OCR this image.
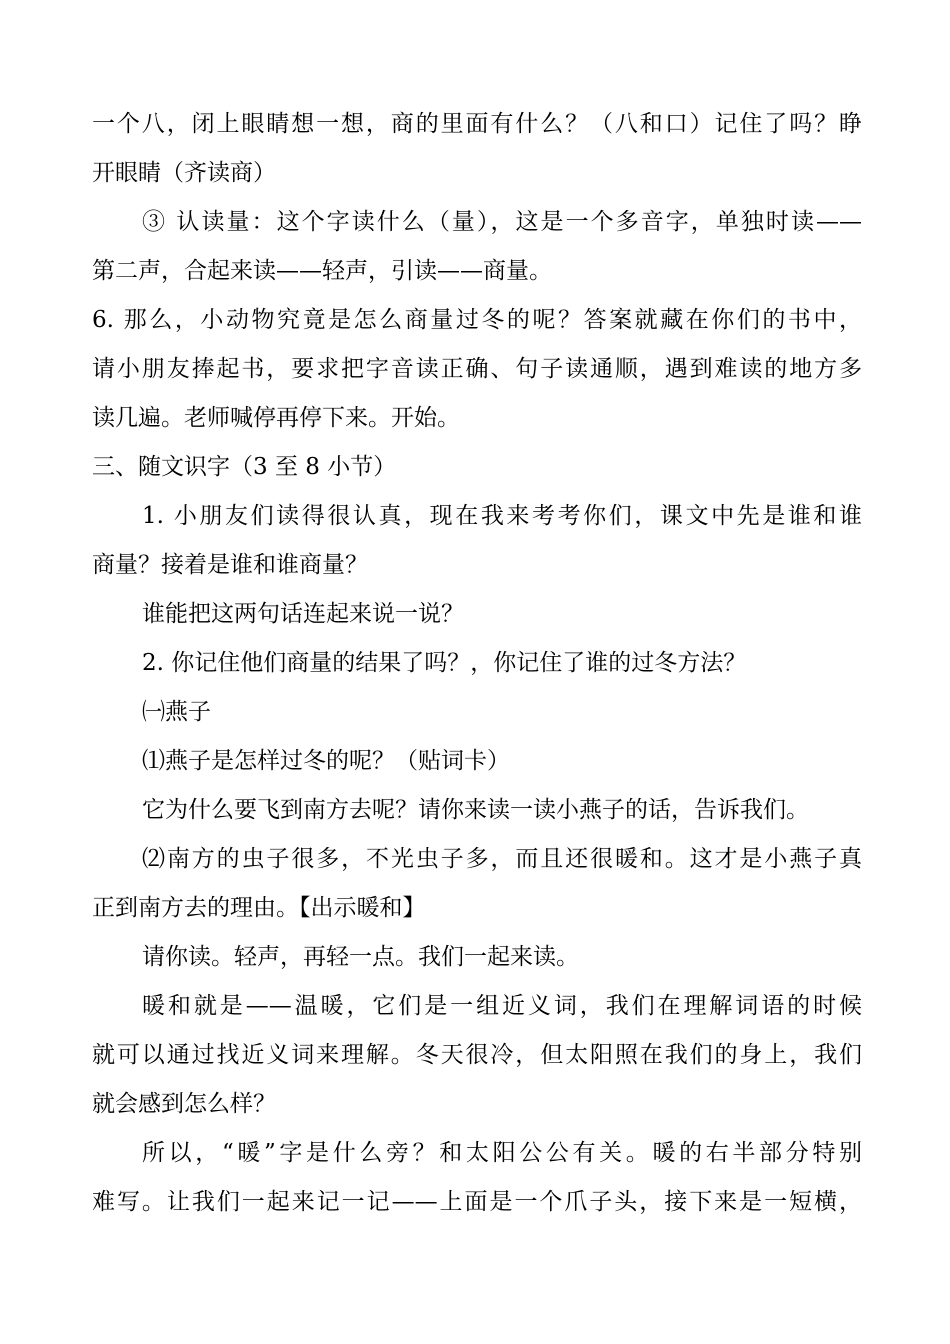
一个八，闭上眼睛想一想，商的里面有什么？（八和口）记住了吗？睁
开眼睛（齐读商）
③ 认读量：这个字读什么（量），这是一个多音字，单独时读——
第二声，合起来读——轻声，引读——商量。
6. 那么，小动物究竟是怎么商量过冬的呢？答案就藏在你们的书中，
请小朋友捧起书，要求把字音读正确、句子读通顺，遇到难读的地方多
读几遍。老师喊停再停下来。开始。
三、随文识字（3 至 8 小节）
1. 小朋友们读得很认真，现在我来考考你们，课文中先是谁和谁
商量？接着是谁和谁商量？
谁能把这两句话连起来说一说？
2. 你记住他们商量的结果了吗？，你记住了谁的过冬方法？
㈠燕子
⑴燕子是怎样过冬的呢？（贴词卡）
它为什么要飞到南方去呢？请你来读一读小燕子的话，告诉我们。
⑵南方的虫子很多，不光虫子多，而且还很暖和。这才是小燕子真
正到南方去的理由。【出示暖和】
请你读。轻声，再轻一点。我们一起来读。
暖和就是——温暖，它们是一组近义词，我们在理解词语的时候
就可以通过找近义词来理解。冬天很冷，但太阳照在我们的身上，我们
就会感到怎么样？
所以，“暖”字是什么旁？和太阳公公有关。暖的右半部分特别
难写。让我们一起来记一记——上面是一个爪子头，接下来是一短横，
